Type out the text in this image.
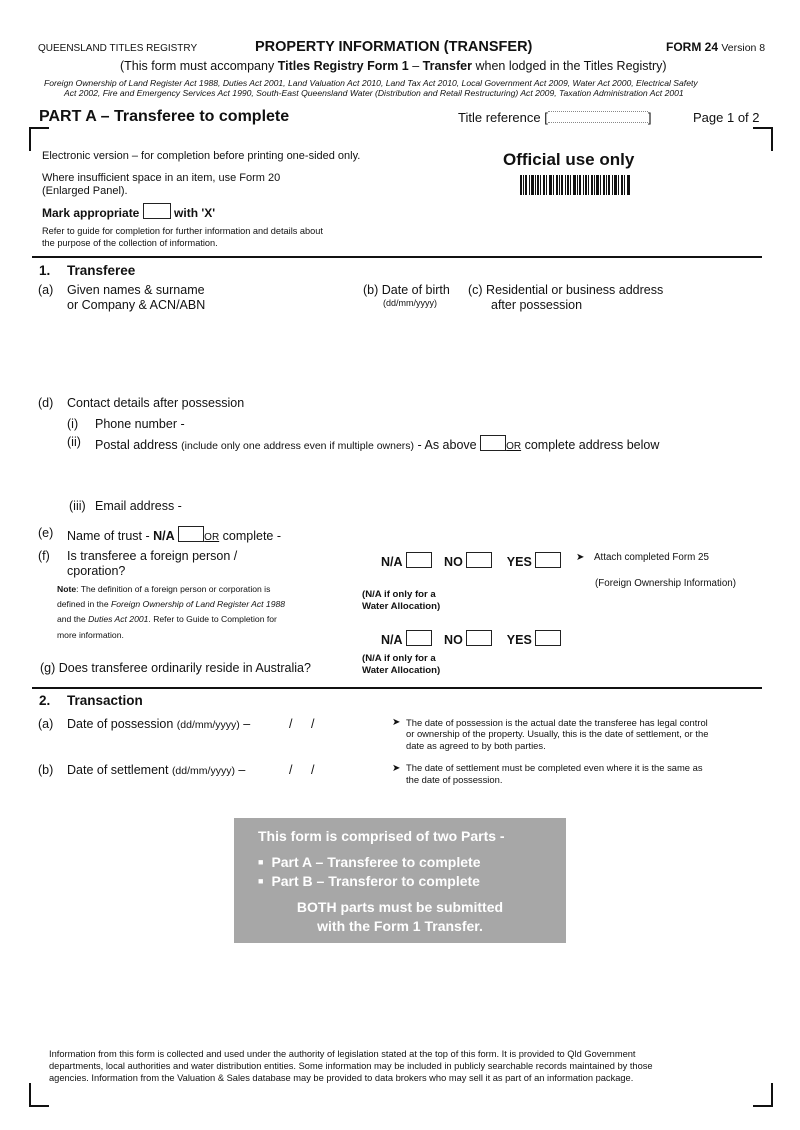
QUEENSLAND TITLES REGISTRY	PROPERTY INFORMATION (TRANSFER)	FORM 24 Version 8
(This form must accompany Titles Registry Form 1 – Transfer when lodged in the Titles Registry)
Foreign Ownership of Land Register Act 1988, Duties Act 2001, Land Valuation Act 2010, Land Tax Act 2010, Local Government Act 2009, Water Act 2000, Electrical Safety
Act 2002, Fire and Emergency Services Act 1990, South-East Queensland Water (Distribution and Retail Restructuring) Act 2009, Taxation Administration Act 2001
PART A – Transferee to complete	Title reference [	]	Page 1 of 2
Electronic version – for completion before printing one-sided only.
Where insufficient space in an item, use Form 20
(Enlarged Panel).
Mark appropriate	with 'X'
Refer to guide for completion for further information and details about
the purpose of the collection of information.
Official use only
1. Transferee
(a) Given names & surname
or Company & ACN/ABN
(b) Date of birth
(dd/mm/yyyy)
(c) Residential or business address
after possession
(d) Contact details after possession
(i) Phone number -
(ii) Postal address (include only one address even if multiple owners) - As above	OR complete address below
(iii) Email address -
(e) Name of trust - N/A	OR complete -
(f) Is transferee a foreign person /
cporation?
N/A	NO	YES	➤ Attach completed Form 25
(Foreign Ownership Information)
Note: The definition of a foreign person or corporation is
defined in the Foreign Ownership of Land Register Act 1988
and the Duties Act 2001. Refer to Guide to Completion for
more information.
(N/A if only for a
Water Allocation)
N/A	NO	YES
(N/A if only for a
Water Allocation)
(g) Does transferee ordinarily reside in Australia?
2. Transaction
(a) Date of possession (dd/mm/yyyy) –	/ /	➤ The date of possession is the actual date the transferee has legal control
or ownership of the property. Usually, this is the date of settlement, or the
date as agreed to by both parties.
(b) Date of settlement (dd/mm/yyyy) –	/ /	➤ The date of settlement must be completed even where it is the same as
the date of possession.
This form is comprised of two Parts -
■ Part A – Transferee to complete
■ Part B – Transferor to complete
BOTH parts must be submitted
with the Form 1 Transfer.
Information from this form is collected and used under the authority of legislation stated at the top of this form. It is provided to Qld Government
departments, local authorities and water distribution entities. Some information may be included in publicly searchable records maintained by those
agencies. Information from the Valuation & Sales database may be provided to data brokers who may sell it as part of an information package.
